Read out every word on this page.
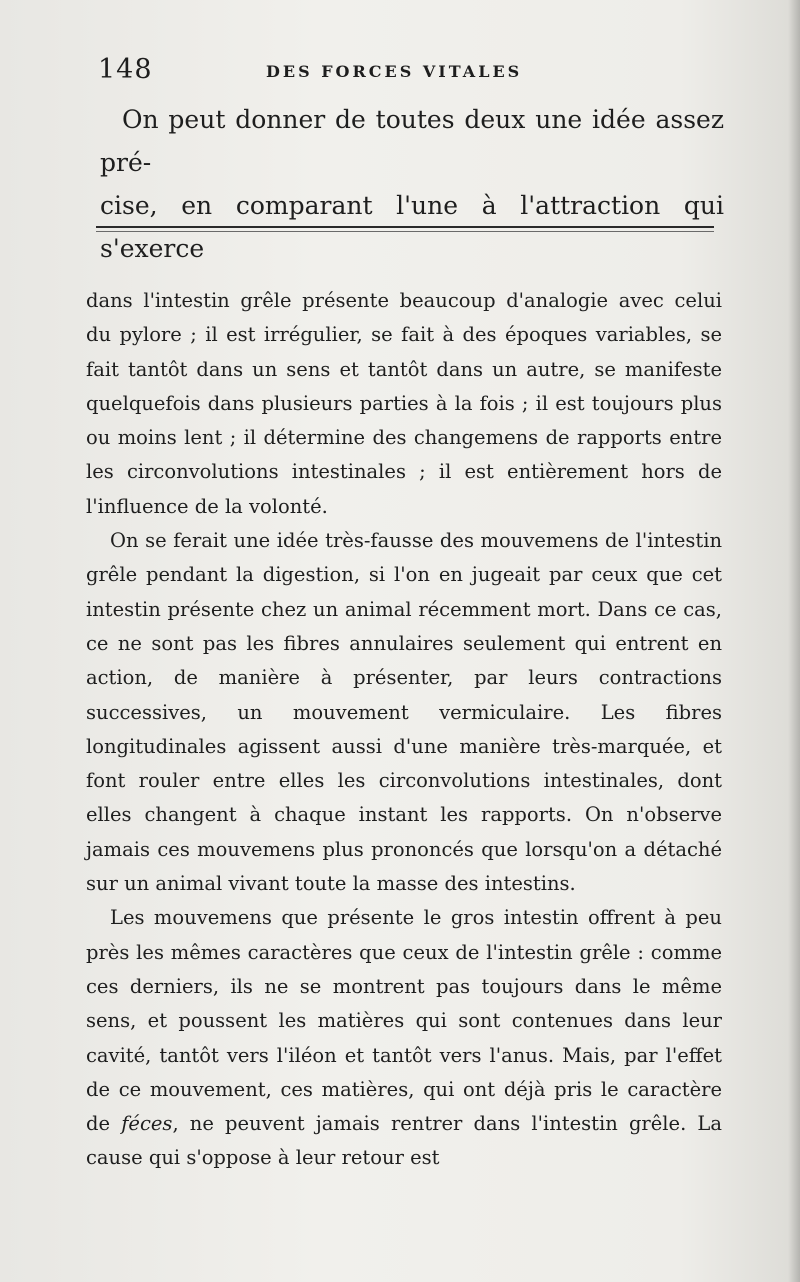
148	DES FORCES VITALES
On peut donner de toutes deux une idée assez pré-
cise, en comparant l'une à l'attraction qui s'exerce

dans l'intestin grêle présente beaucoup d'analogie avec celui du pylore ; il est irrégulier, se fait à des époques variables, se fait tantôt dans un sens et tantôt dans un autre, se manifeste quelquefois dans plusieurs parties à la fois ; il est toujours plus ou moins lent ; il détermine des changemens de rapports entre les circonvolutions intestinales ; il est entièrement hors de l'influence de la volonté.

On se ferait une idée très-fausse des mouvemens de l'intestin grêle pendant la digestion, si l'on en jugeait par ceux que cet intestin présente chez un animal récemment mort. Dans ce cas, ce ne sont pas les fibres annulaires seulement qui entrent en action, de manière à présenter, par leurs contractions successives, un mouvement vermiculaire. Les fibres longitudinales agissent aussi d'une manière très-marquée, et font rouler entre elles les circonvolutions intestinales, dont elles changent à chaque instant les rapports. On n'observe jamais ces mouvemens plus prononcés que lorsqu'on a détaché sur un animal vivant toute la masse des intestins.

Les mouvemens que présente le gros intestin offrent à peu près les mêmes caractères que ceux de l'intestin grêle : comme ces derniers, ils ne se montrent pas toujours dans le même sens, et poussent les matières qui sont contenues dans leur cavité, tantôt vers l'iléon et tantôt vers l'anus. Mais, par l'effet de ce mouvement, ces matières, qui ont déjà pris le caractère de féces, ne peuvent jamais rentrer dans l'intestin grêle. La cause qui s'oppose à leur retour est
